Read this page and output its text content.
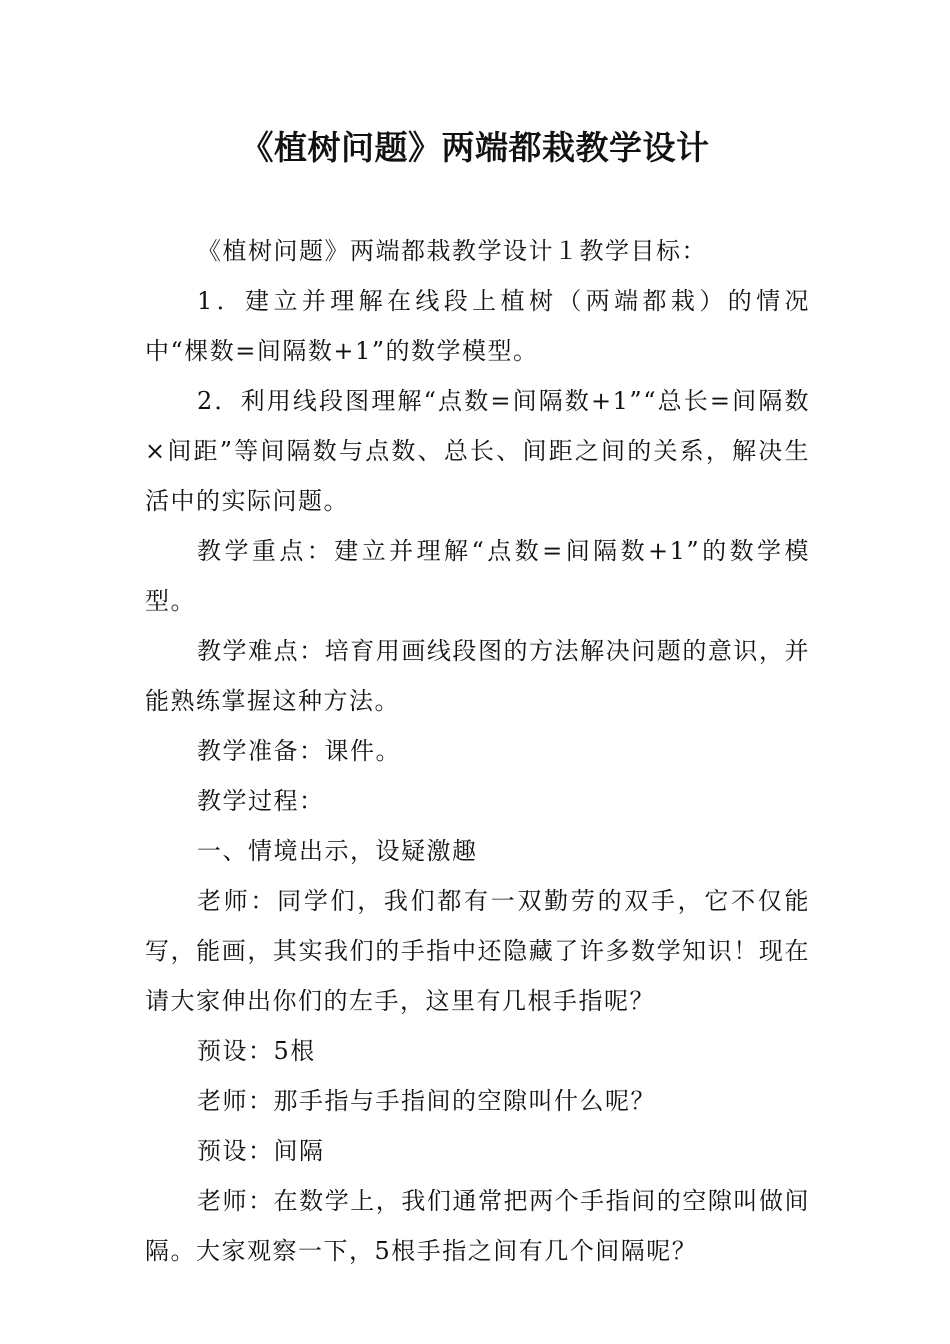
《植树问题》两端都栽教学设计

《植树问题》两端都栽教学设计１教学目标：

1．建立并理解在线段上植树（两端都栽）的情况中“棵数=间隔数+1”的数学模型。

2．利用线段图理解“点数=间隔数+1”“总长=间隔数×间距”等间隔数与点数、总长、间距之间的关系，解决生活中的实际问题。

教学重点：建立并理解“点数=间隔数+1”的数学模型。

教学难点：培育用画线段图的方法解决问题的意识，并能熟练掌握这种方法。

教学准备：课件。

教学过程：

一、情境出示，设疑激趣

老师：同学们，我们都有一双勤劳的双手，它不仅能写，能画，其实我们的手指中还隐藏了许多数学知识！现在请大家伸出你们的左手，这里有几根手指呢？

预设：5根

老师：那手指与手指间的空隙叫什么呢？

预设：间隔

老师：在数学上，我们通常把两个手指间的空隙叫做间隔。大家观察一下，5根手指之间有几个间隔呢？
